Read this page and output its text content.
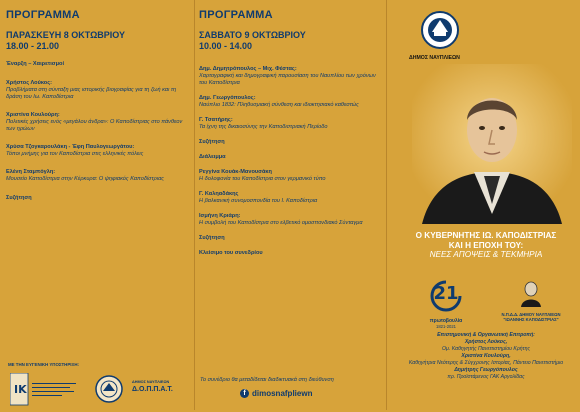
ΠΡΟΓΡΑΜΜΑ
ΠΑΡΑΣΚΕΥΗ 8 ΟΚΤΩΒΡΙΟΥ
18.00 - 21.00
Έναρξη – Χαιρετισμοί
Χρήστος Λούκος:
Προβλήματα στη σύνταξη μιας ιστορικής βιογραφίας για τη ζωή και τη δράση του Ιω. Καποδίστρια
Χριστίνα Κουλούρη:
Πολιτικές χρήσεις ενός «μεγάλου άνδρα»: Ο Καποδίστριας στο πάνθεον των ηρώων
Χρύσα Τζογκαρουλάκη - Έφη Παυλογεωργάτου:
Τόποι μνήμης για τον Καποδίστρια στις ελληνικές πόλεις
Ελένη Σταμπόγλη:
Μουσείο Καποδίστρια στην Κέρκυρα: Ο ψηφιακός Καποδίστριας
Συζήτηση
ΠΡΟΓΡΑΜΜΑ
ΣΑΒΒΑΤΟ 9 ΟΚΤΩΒΡΙΟΥ
10.00 - 14.00
Δημ. Δημητρόπουλος – Μιχ. Φέστας:
Χαρτογραφική και δημογραφική παρουσίαση του Ναυπλίου των χρόνων του Καποδίστρια
Δημ. Γεωργόπουλος:
Ναύπλιο 1832: Πληθυσμιακή σύνθεση και ιδιοκτησιακό καθεστώς
Γ. Τσατήρης:
Τα ίχνη της δικαιοσύνης την Καποδιστριακή Περίοδο
Συζήτηση
Διάλειμμα
Ρεγγίνα Κουάκ-Μανουσάκη
Η δολοφονία του Καποδίστρια στον γερμανικό τύπο
Γ. Καληαδάκης
Η βαλκανική συνομοσπονδία του Ι. Καποδίστρια
Ισμήνη Κριάρη:
Η συμβολή του Καποδίστρια στο ελβετικό ομοσπονδιακό Σύνταγμα
Συζήτηση
Κλείσιμο του συνεδρίου
Το συνέδριο θα μεταδίδεται διαδικτυακά στη διεύθυνση
f dimosnafpliewn
ΔΗΜΟΣ ΝΑΥΠΛΙΕΩΝ
Ο ΚΥΒΕΡΝΗΤΗΣ ΙΩ. ΚΑΠΟΔΙΣΤΡΙΑΣ
ΚΑΙ Η ΕΠΟΧΗ ΤΟΥ:
ΝΕΕΣ ΑΠΟΨΕΙΣ & ΤΕΚΜΗΡΙΑ
21
πρωτοβουλία
1821-2021
Ν.Π.Δ.Δ. ΔΗΜΟΥ ΝΑΥΠΛΙΕΩΝ
"ΙΩΑΝΝΗΣ ΚΑΠΟΔΙΣΤΡΙΑΣ"
Επιστημονική & Οργανωτική Επιτροπή:
Χρήστος Λούκος,
Ομ. Καθηγητής Πανεπιστημίου Κρήτης
Χριστίνα Κουλούρη,
Καθηγήτρια Νεότερης & Σύγχρονης Ιστορίας, Πάντειο Πανεπιστήμιο
Δημήτρης Γεωργόπουλος
πρ. Προϊστάμενος ΓΑΚ Αργολίδας
ΜΕ ΤΗΝ ΕΥΓΕΝΙΚΗ ΥΠΟΣΤΗΡΙΞΗ:
IK
ΔΗΜΟΣ ΝΑΥΠΛΙΕΩΝ
Δ.Ο.Π.Π.Α.Τ.
